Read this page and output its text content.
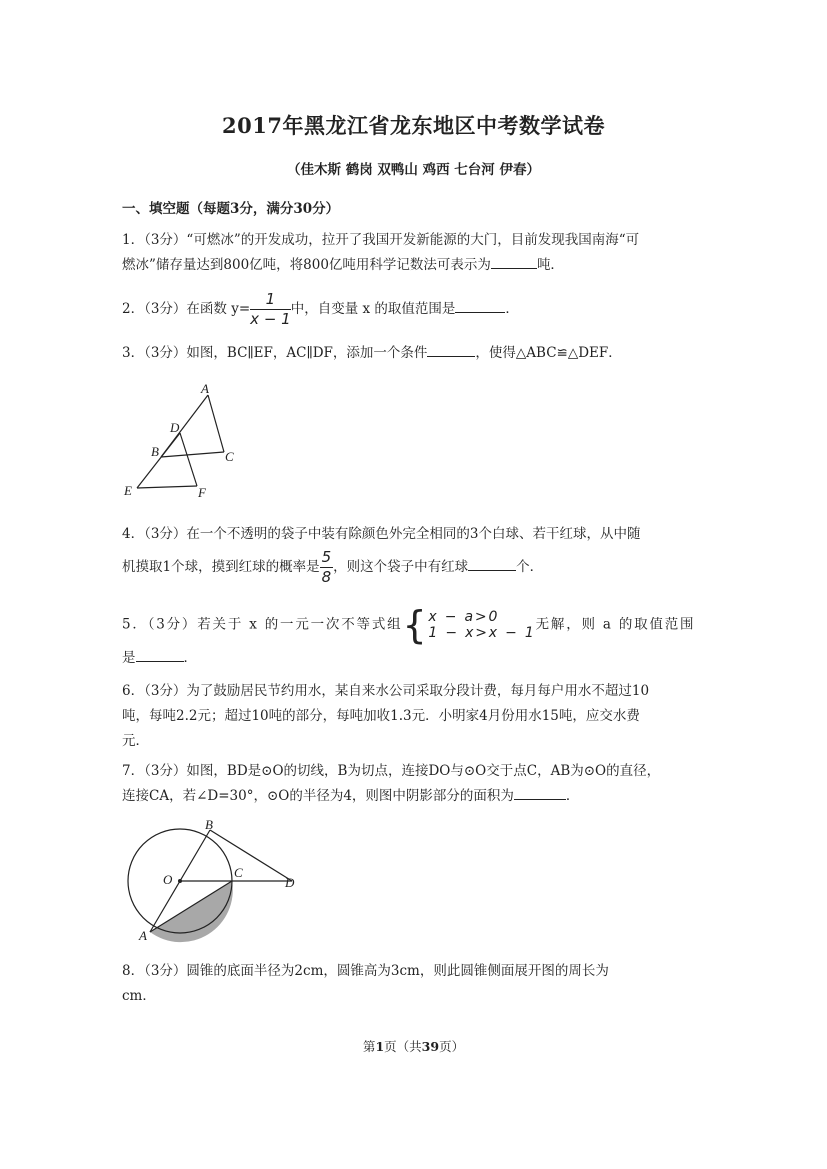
2017年黑龙江省龙东地区中考数学试卷
（佳木斯 鹤岗 双鸭山 鸡西 七台河 伊春）
一、填空题（每题3分，满分30分）
1．（3分）“可燃冰”的开发成功，拉开了我国开发新能源的大门，目前发现我国南海“可
燃冰”储存量达到800亿吨，将800亿吨用科学记数法可表示为	吨．
2．（3分）在函数 $y= \frac{1}{x - 1}$ 中，自变量 x 的取值范围是	．
3．（3分）如图，BC∥EF，AC∥DF，添加一个条件	，使得△ABC≌△DEF．
A
D
B	C
E	F
4．（3分）在一个不透明的袋子中装有除颜色外完全相同的3个白球、若干红球，从中随
机摸取1个球，摸到红球的概率是 $\frac{5}{8}$ ，则这个袋子中有红球	个．
5．（3分）若关于 x 的一元一次不等式组{ x − a>0
1 − x>x − 1
无解，则 a 的取值范围
是	．
6．（3分）为了鼓励居民节约用水，某自来水公司采取分段计费，每月每户用水不超过10
吨，每吨2.2元；超过10吨的部分，每吨加收1.3元．小明家4月份用水15吨，应交水费
元．
7．（3分）如图，BD是⊙O的切线，B为切点，连接DO与⊙O交于点C，AB为⊙O的直径，
连接CA，若∠D=30°，⊙O的半径为4，则图中阴影部分的面积为	．
B
O	C
D
A
8．（3分）圆锥的底面半径为2cm，圆锥高为3cm，则此圆锥侧面展开图的周长为
cm．
第1页（共39页）
